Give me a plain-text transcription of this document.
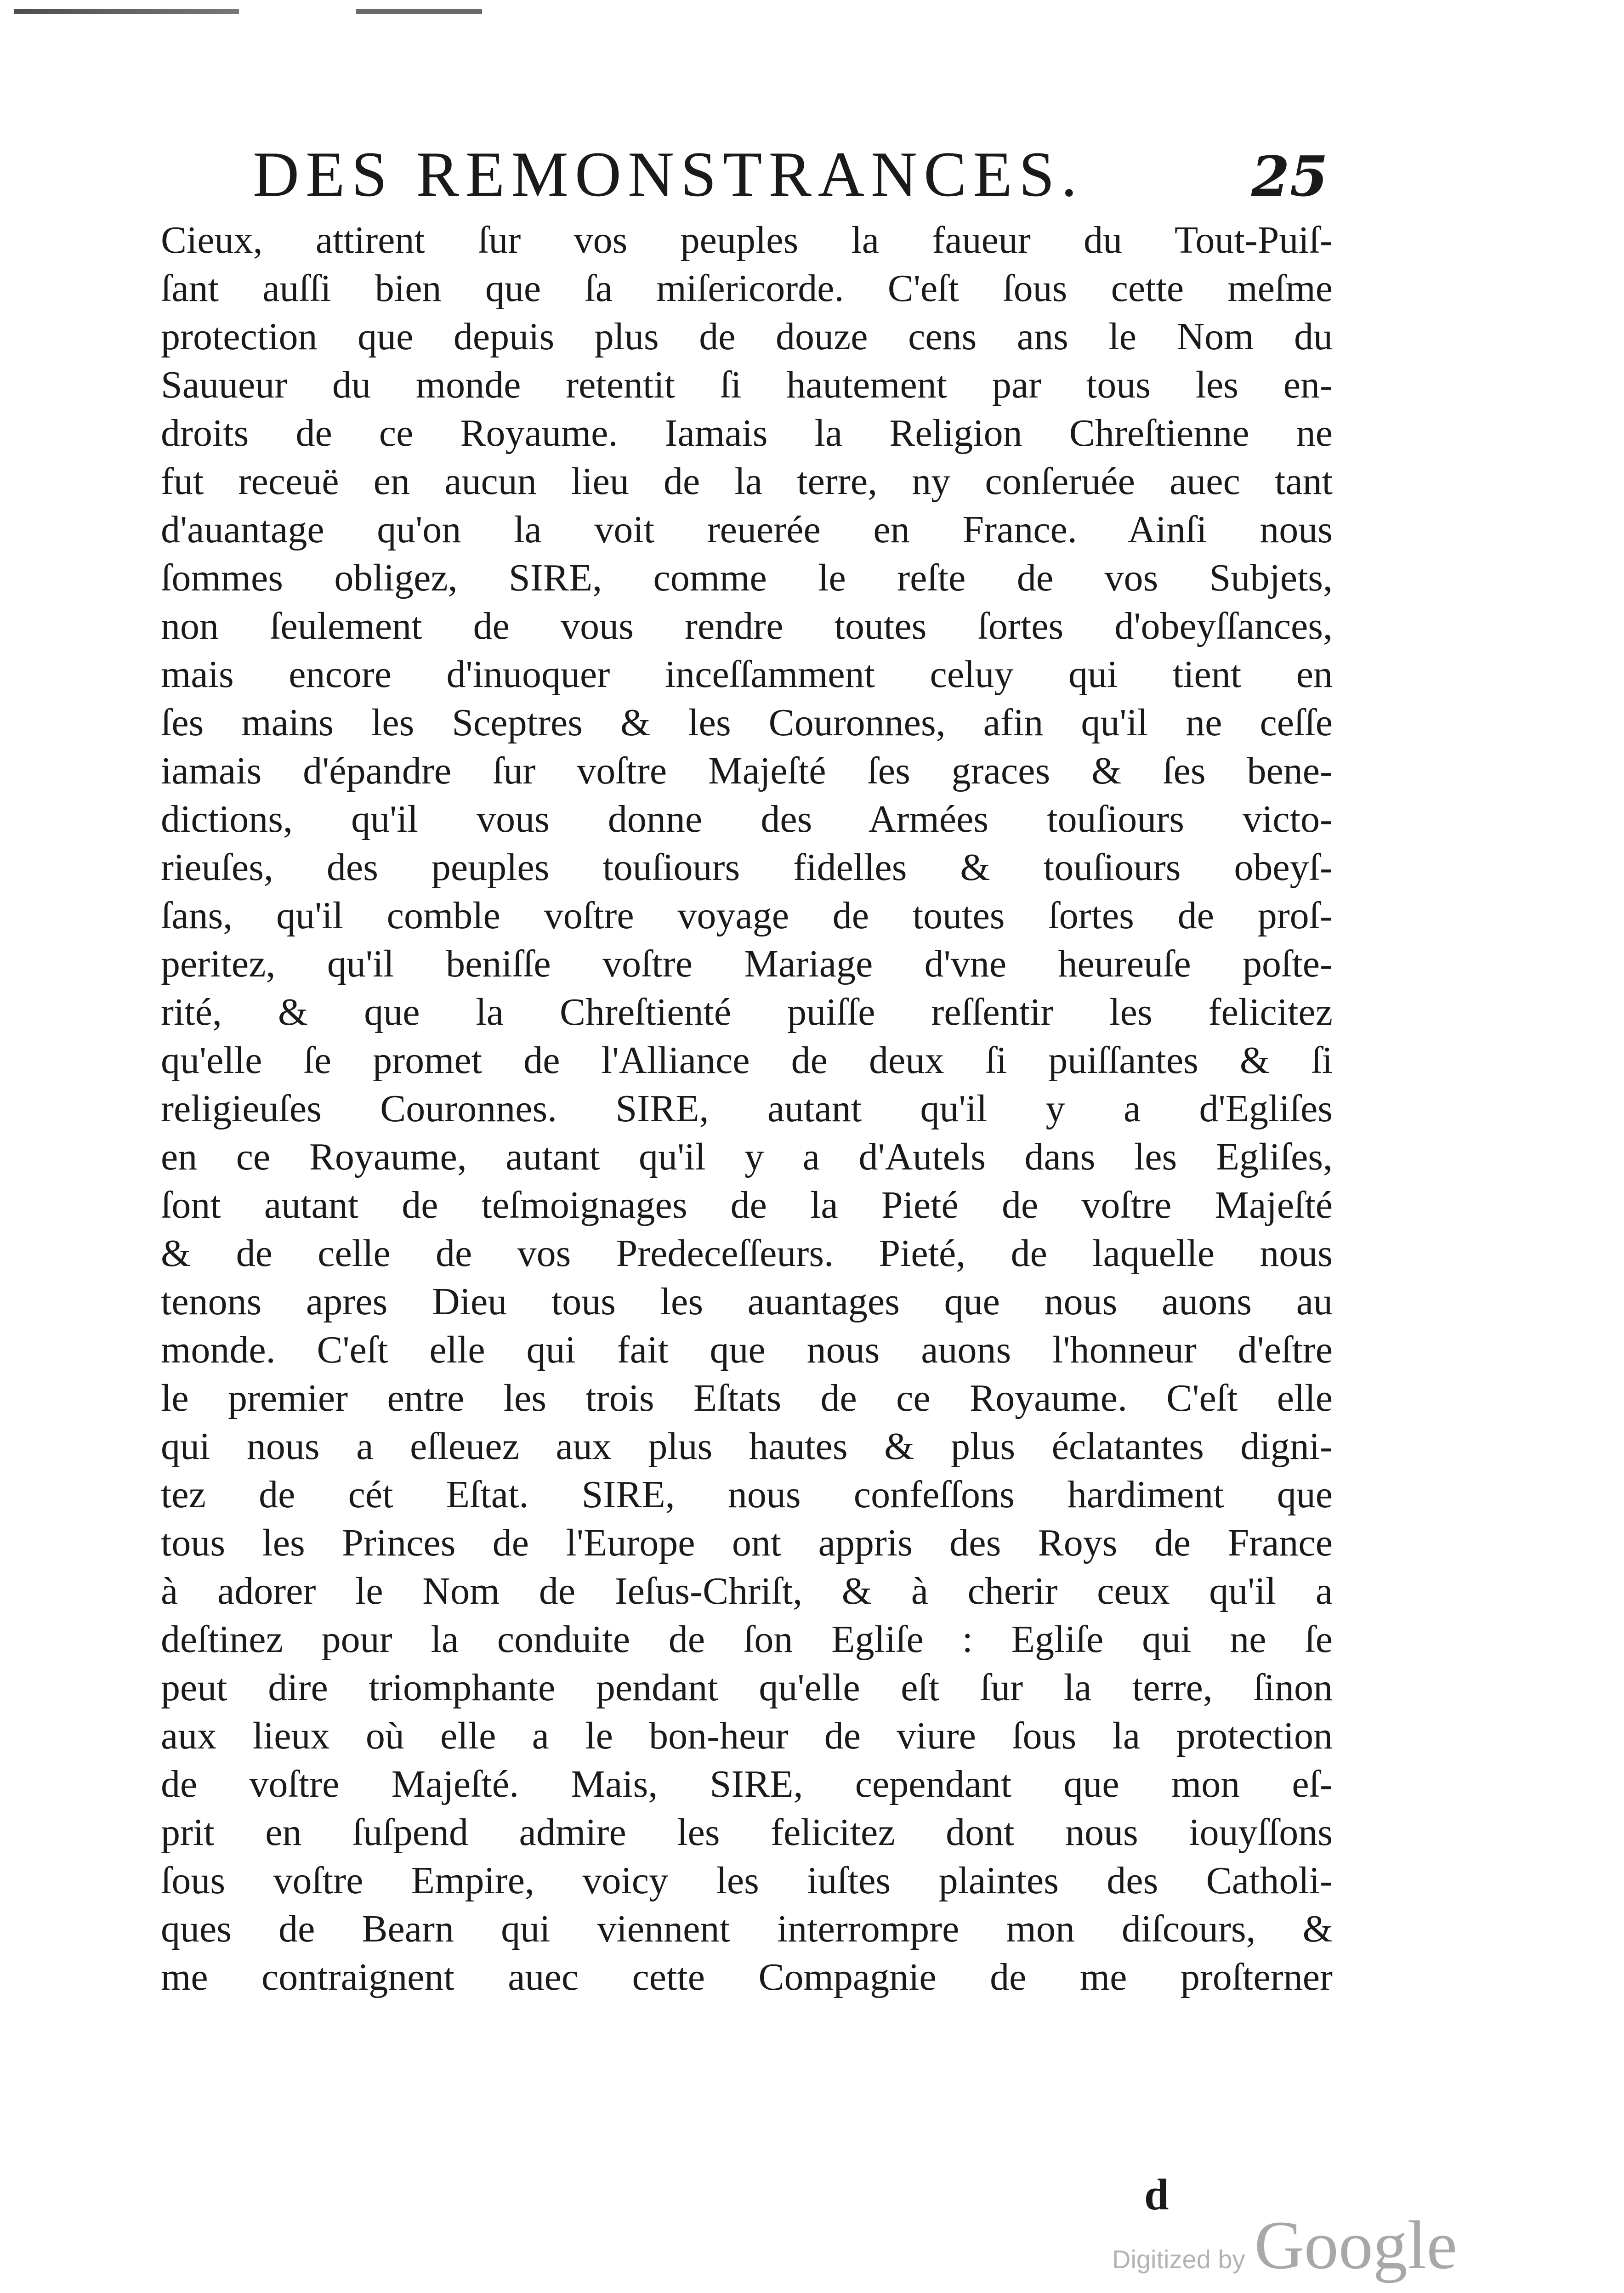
DES REMONSTRANCES.	25
Cieux, attirent ſur vos peuples la faueur du Tout-Puiſ-
ſant auſſi bien que ſa miſericorde. C'eſt ſous cette meſme
protection que depuis plus de douze cens ans le Nom du
Sauueur du monde retentit ſi hautement par tous les en-
droits de ce Royaume. Iamais la Religion Chreſtienne ne
fut receuë en aucun lieu de la terre, ny conſeruée auec tant
d'auantage qu'on la voit reuerée en France. Ainſi nous
ſommes obligez, SIRE, comme le reſte de vos Subjets,
non ſeulement de vous rendre toutes ſortes d'obeyſſances,
mais encore d'inuoquer inceſſamment celuy qui tient en
ſes mains les Sceptres & les Couronnes, afin qu'il ne ceſſe
iamais d'épandre ſur voſtre Majeſté ſes graces & ſes bene-
dictions, qu'il vous donne des Armées touſiours victo-
rieuſes, des peuples touſiours fidelles & touſiours obeyſ-
ſans, qu'il comble voſtre voyage de toutes ſortes de proſ-
peritez, qu'il beniſſe voſtre Mariage d'vne heureuſe poſte-
rité, & que la Chreſtienté puiſſe reſſentir les felicitez
qu'elle ſe promet de l'Alliance de deux ſi puiſſantes & ſi
religieuſes Couronnes. SIRE, autant qu'il y a d'Egliſes
en ce Royaume, autant qu'il y a d'Autels dans les Egliſes,
ſont autant de teſmoignages de la Pieté de voſtre Majeſté
& de celle de vos Predeceſſeurs. Pieté, de laquelle nous
tenons apres Dieu tous les auantages que nous auons au
monde. C'eſt elle qui fait que nous auons l'honneur d'eſtre
le premier entre les trois Eſtats de ce Royaume. C'eſt elle
qui nous a eſleuez aux plus hautes & plus éclatantes digni-
tez de cét Eſtat. SIRE, nous confeſſons hardiment que
tous les Princes de l'Europe ont appris des Roys de France
à adorer le Nom de Ieſus-Chriſt, & à cherir ceux qu'il a
deſtinez pour la conduite de ſon Egliſe : Egliſe qui ne ſe
peut dire triomphante pendant qu'elle eſt ſur la terre, ſinon
aux lieux où elle a le bon-heur de viure ſous la protection
de voſtre Majeſté. Mais, SIRE, cependant que mon eſ-
prit en ſuſpend admire les felicitez dont nous iouyſſons
ſous voſtre Empire, voicy les iuſtes plaintes des Catholi-
ques de Bearn qui viennent interrompre mon diſcours, &
me contraignent auec cette Compagnie de me proſterner
d
Digitized by Google
